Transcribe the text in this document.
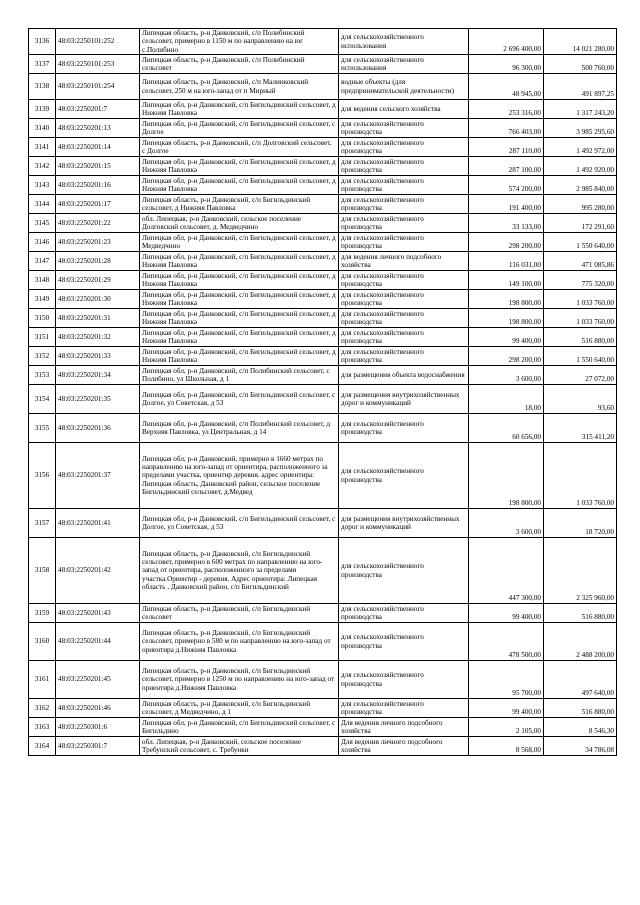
3136	48:03:2250101:252	Липецкая область, р-н Данковский, с/п Полибинский сельсовет, примерно в 1150 м по направлению на юг с.Полибино	для сельскохозяйственного использования	2 696 400,00	14 021 280,00
3137	48:03:2250101:253	Липецкая область, р-н Данковский, с/п Полибинский сельсовет	для сельскохозяйственного использования	96 300,00	500 760,00
3138	48:03:2250101:254	Липецкая область, р-н Данковский, с/п Малинковский сельсовет, 250 м на юго-запад от п Мирный	водные объекты (для предпринимательской деятельности)	48 945,00	491 897,25
3139	48:03:2250201:7	Липецкая обл, р-н Данковский, с/п Бигильдинский сельсовет, д Нижняя Павловка	для ведения сельского хозяйства	253 316,00	1 317 243,20
3140	48:03:2250201:13	Липецкая обл, р-н Данковский, с/п Бигильдинский сельсовет, с Долгое	для сельскохозяйственного производства	766 403,00	3 985 295,60
3141	48:03:2250201:14	Липецкая область, р-н Данковский, с/п Долговский сельсовет, с Долгое	для сельскохозяйственного производства	287 110,00	1 492 972,00
3142	48:03:2250201:15	Липецкая обл, р-н Данковский, с/п Бигильдинский сельсовет, д Нижняя Павловка	для сельскохозяйственного производства	287 100,00	1 492 920,00
3143	48:03:2250201:16	Липецкая обл, р-н Данковский, с/п Бигильдинский сельсовет, д Нижняя Павловка	для сельскохозяйственного производства	574 200,00	2 985 840,00
3144	48:03:2250201:17	Липецкая область, р-н Данковский, с/п Бигильдинский сельсовет, д Нижняя Павловка	для сельскохозяйственного производства	191 400,00	995 280,00
3145	48:03:2250201:22	обл. Липецкая, р-н Данковский, сельское поселение Долговский сельсовет, д. Медведчино	для сельскохозяйственного производства	33 133,00	172 291,60
3146	48:03:2250201:23	Липецкая обл, р-н Данковский, с/п Бигильдинский сельсовет, д Медведчино	для сельскохозяйственного производства	298 200,00	1 550 640,00
3147	48:03:2250201:28	Липецкая обл, р-н Данковский, с/п Бигильдинский сельсовет, д Нижняя Павловка	для ведения личного подсобного хозяйства	116 031,00	471 085,86
3148	48:03:2250201:29	Липецкая обл, р-н Данковский, с/п Бигильдинский сельсовет, д Нижняя Павловка	для сельскохозяйственного производства	149 100,00	775 320,00
3149	48:03:2250201:30	Липецкая обл, р-н Данковский, с/п Бигильдинский сельсовет, д Нижняя Павловка	для сельскохозяйственного производства	198 800,00	1 033 760,00
3150	48:03:2250201:31	Липецкая обл, р-н Данковский, с/п Бигильдинский сельсовет, д Нижняя Павловка	для сельскохозяйственного производства	198 800,00	1 033 760,00
3151	48:03:2250201:32	Липецкая обл, р-н Данковский, с/п Бигильдинский сельсовет, д Нижняя Павловка	для сельскохозяйственного производства	99 400,00	516 880,00
3152	48:03:2250201:33	Липецкая обл, р-н Данковский, с/п Бигильдинский сельсовет, д Нижняя Павловка	для сельскохозяйственного производства	298 200,00	1 550 640,00
3153	48:03:2250201:34	Липецкая обл, р-н Данковский, с/п Полибинский сельсовет, с Полибино, ул Школьная, д 1	для размещения объекта водоснабжения	3 600,00	27 072,00
3154	48:03:2250201:35	Липецкая обл, р-н Данковский, с/п Бигильдинский сельсовет, с Долгое, ул Советская, д 53	для размещения внутрихозяйственных дорог и коммуникаций	18,00	93,60
3155	48:03:2250201:36	Липецкая обл, р-н Данковский, с/п Полибинский сельсовет, д Верхняя Павловка, ул Центральная, д 14	для сельскохозяйственного производства	60 656,00	315 411,20
3156	48:03:2250201:37	Липецкая обл, р-н Данковский, примерно в 1660 метрах по направлению на юго-запад от ориентира, расположенного за пределами участка, ориентир деревня. адрес ориентира: Липецкая область, Данковский район, сельское поселение Бигильдинский сельсовет, д.Медвед	для сельскохозяйственного производства	198 800,00	1 033 760,00
3157	48:03:2250201:41	Липецкая обл, р-н Данковский, с/п Бигильдинский сельсовет, с Долгое, ул Советская, д 53	для размещения внутрихозяйственных дорог и коммуникаций	3 600,00	18 720,00
3158	48:03:2250201:42	Липецкая область, р-н Данковский, с/п Бигильдинский сельсовет, примерно в 600 метрах по направлению на юго-запад от ориентира, расположенного за пределами участка.Ориентир - деревня. Адрес ориентира: Липецкая область , Данковский район, с/п Бигильдинский	для сельскохозяйственного производства	447 300,00	2 325 960,00
3159	48:03:2250201:43	Липецкая область, р-н Данковский, с/п Бигильдинский сельсовет	для сельскохозяйственного производства	99 400,00	516 880,00
3160	48:03:2250201:44	Липецкая область, р-н Данковский, с/п Бигильдинский сельсовет, примерно в 580 м по направлению на юго-запад от ориентира д.Нижняя Павловка	для сельскохозяйственного производства	478 500,00	2 488 200,00
3161	48:03:2250201:45	Липецкая область, р-н Данковский, с/п Бигильдинский сельсовет, примерно в 1250 м по направлению на юго-запад от ориентира д.Нижняя Павловка	для сельскохозяйственного производства	95 700,00	497 640,00
3162	48:03:2250201:46	Липецкая область, р-н Данковский, с/п Бигильдинский сельсовет, д Медведчино, д 1	для сельскохозяйственного производства	99 400,00	516 880,00
3163	48:03:2250301:6	Липецкая обл, р-н Данковский, с/п Бигильдинский сельсовет, с Бигильдино	Для ведения личного подсобного хозяйства	2 105,00	8 546,30
3164	48:03:2250301:7	обл. Липецкая, р-н Данковский, сельское поселение Требунский сельсовет, с. Требунки	Для ведения личного подсобного хозяйства	8 568,00	34 786,08
